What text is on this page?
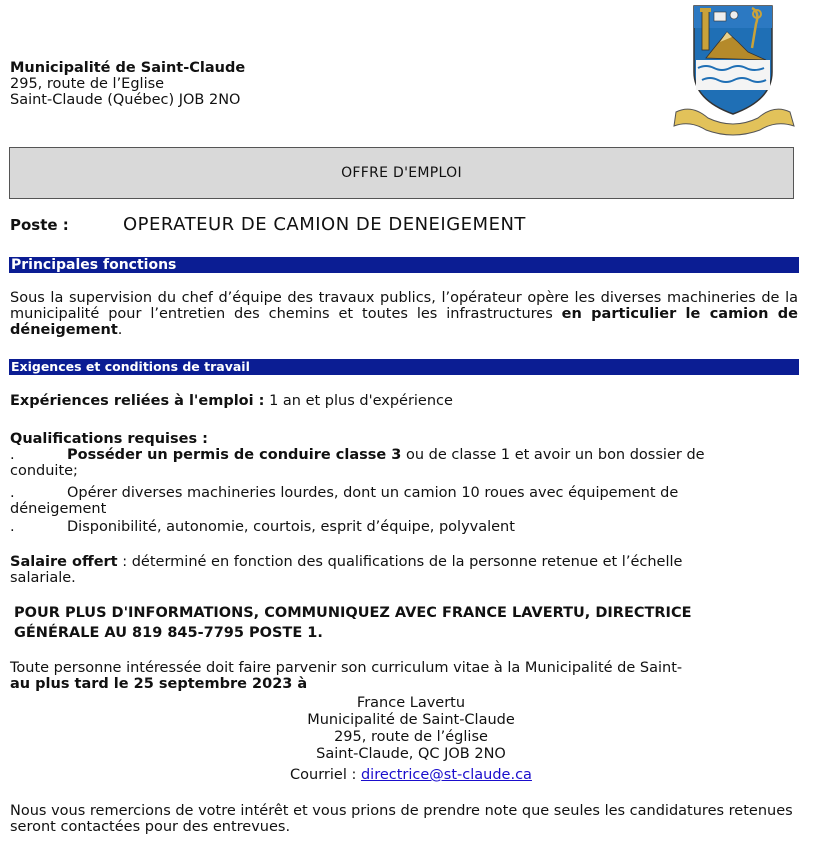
Municipalité de Saint-Claude
295, route de l’Eglise
Saint-Claude (Québec) JOB 2NO
OFFRE D'EMPLOI
Poste :	OPERATEUR DE CAMION DE DENEIGEMENT
Principales fonctions
Sous la supervision du chef d’équipe des travaux publics, l’opérateur opère les diverses machineries de la municipalité pour l’entretien des chemins et toutes les infrastructures en particulier le camion de déneigement.
Exigences et conditions de travail
Expériences reliées à l'emploi : 1 an et plus d'expérience
Qualifications requises :
.	Posséder un permis de conduire classe 3 ou de classe 1 et avoir un bon dossier de conduite;
.	Opérer diverses machineries lourdes, dont un camion 10 roues avec équipement de déneigement
.	Disponibilité, autonomie, courtois, esprit d’équipe, polyvalent
Salaire offert : déterminé en fonction des qualifications de la personne retenue et l’échelle salariale.
POUR PLUS D'INFORMATIONS, COMMUNIQUEZ AVEC FRANCE LAVERTU, DIRECTRICE
GÉNÉRALE AU 819 845-7795 POSTE 1.
Toute personne intéressée doit faire parvenir son curriculum vitae à la Municipalité de Saint-
au plus tard le 25 septembre 2023 à
France Lavertu
Municipalité de Saint-Claude
295, route de l’église
Saint-Claude, QC JOB 2NO
Courriel : directrice@st-claude.ca
Nous vous remercions de votre intérêt et vous prions de prendre note que seules les candidatures retenues seront contactées pour des entrevues.
